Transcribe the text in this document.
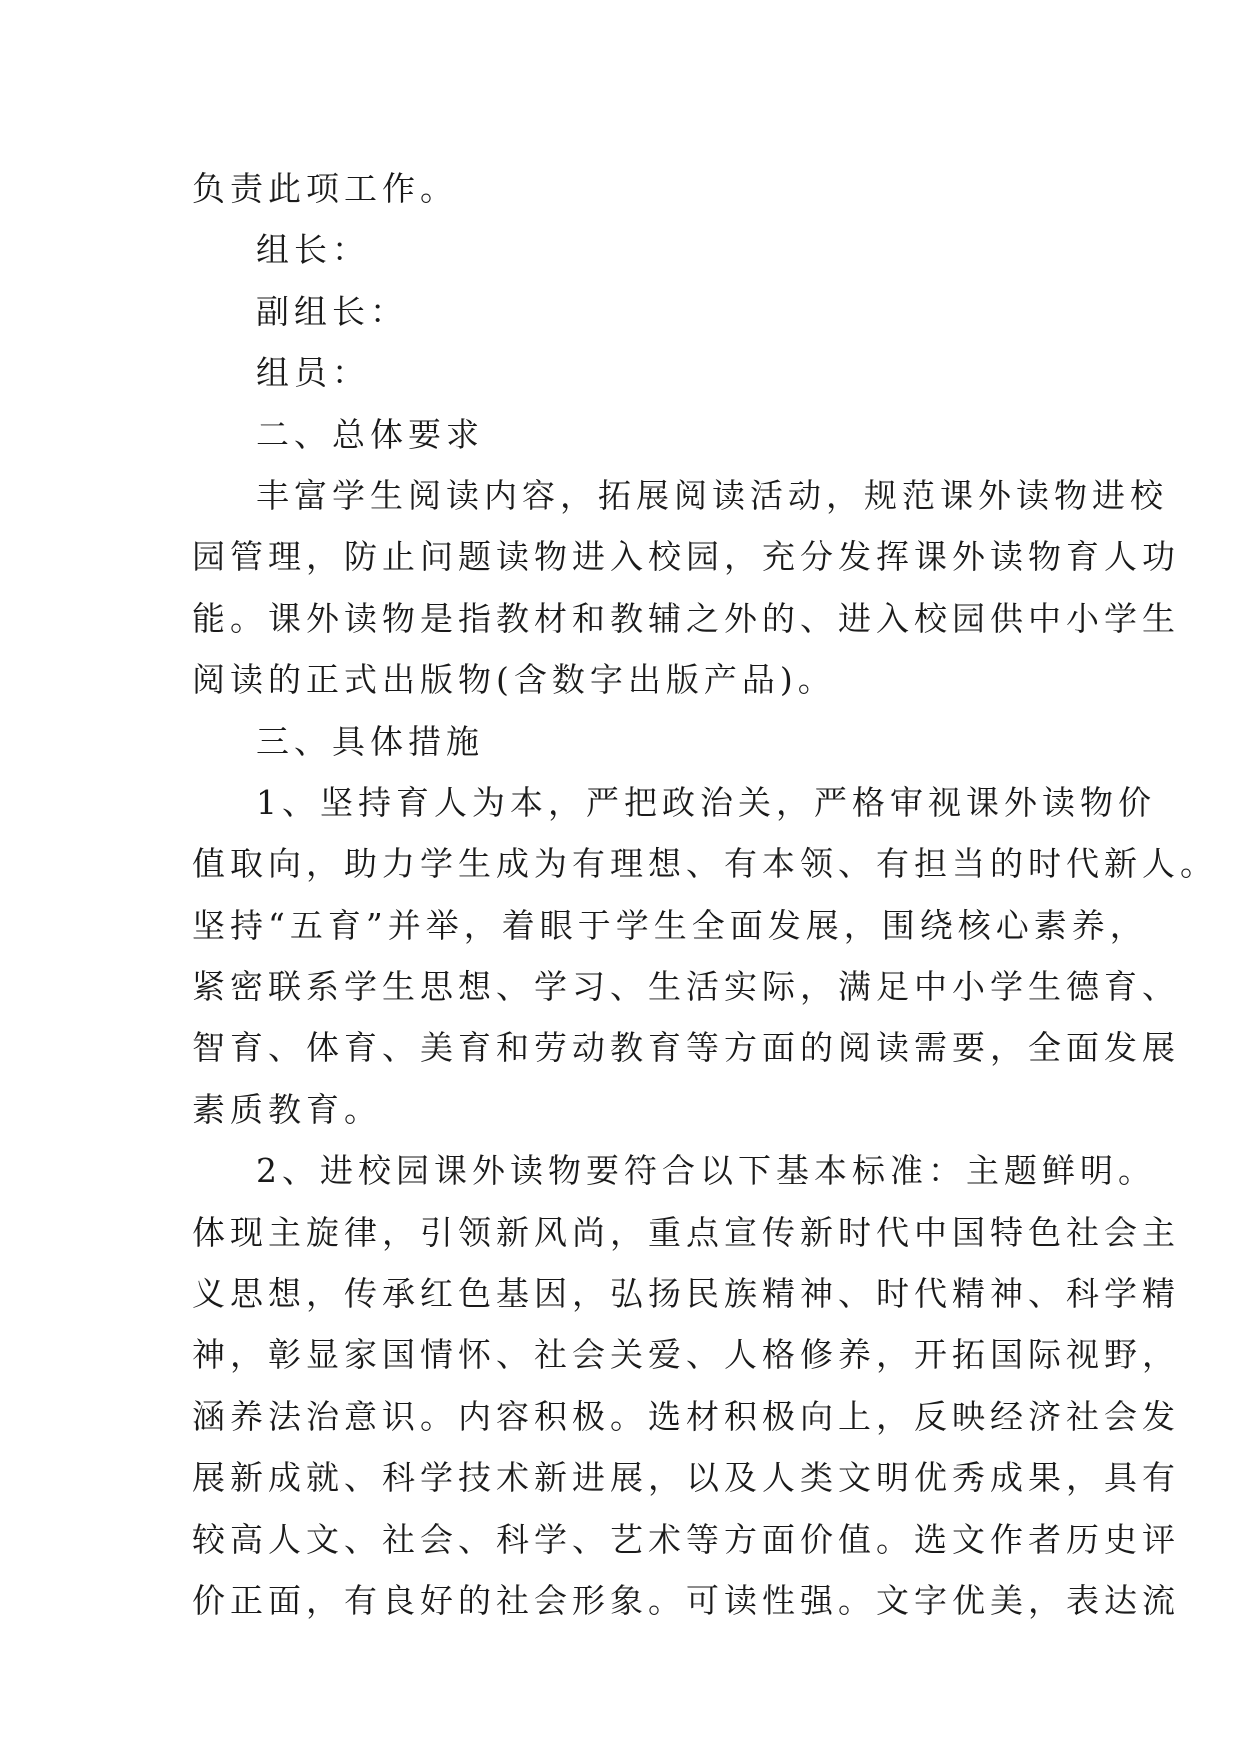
负责此项工作。
组长：
副组长：
组员：
二、总体要求
丰富学生阅读内容，拓展阅读活动，规范课外读物进校
园管理，防止问题读物进入校园，充分发挥课外读物育人功
能。课外读物是指教材和教辅之外的、进入校园供中小学生
阅读的正式出版物(含数字出版产品)。
三、具体措施
1、坚持育人为本，严把政治关，严格审视课外读物价
值取向，助力学生成为有理想、有本领、有担当的时代新人。
坚持“五育”并举，着眼于学生全面发展，围绕核心素养，
紧密联系学生思想、学习、生活实际，满足中小学生德育、
智育、体育、美育和劳动教育等方面的阅读需要，全面发展
素质教育。
2、进校园课外读物要符合以下基本标准：主题鲜明。
体现主旋律，引领新风尚，重点宣传新时代中国特色社会主
义思想，传承红色基因，弘扬民族精神、时代精神、科学精
神，彰显家国情怀、社会关爱、人格修养，开拓国际视野，
涵养法治意识。内容积极。选材积极向上，反映经济社会发
展新成就、科学技术新进展，以及人类文明优秀成果，具有
较高人文、社会、科学、艺术等方面价值。选文作者历史评
价正面，有良好的社会形象。可读性强。文字优美，表达流
